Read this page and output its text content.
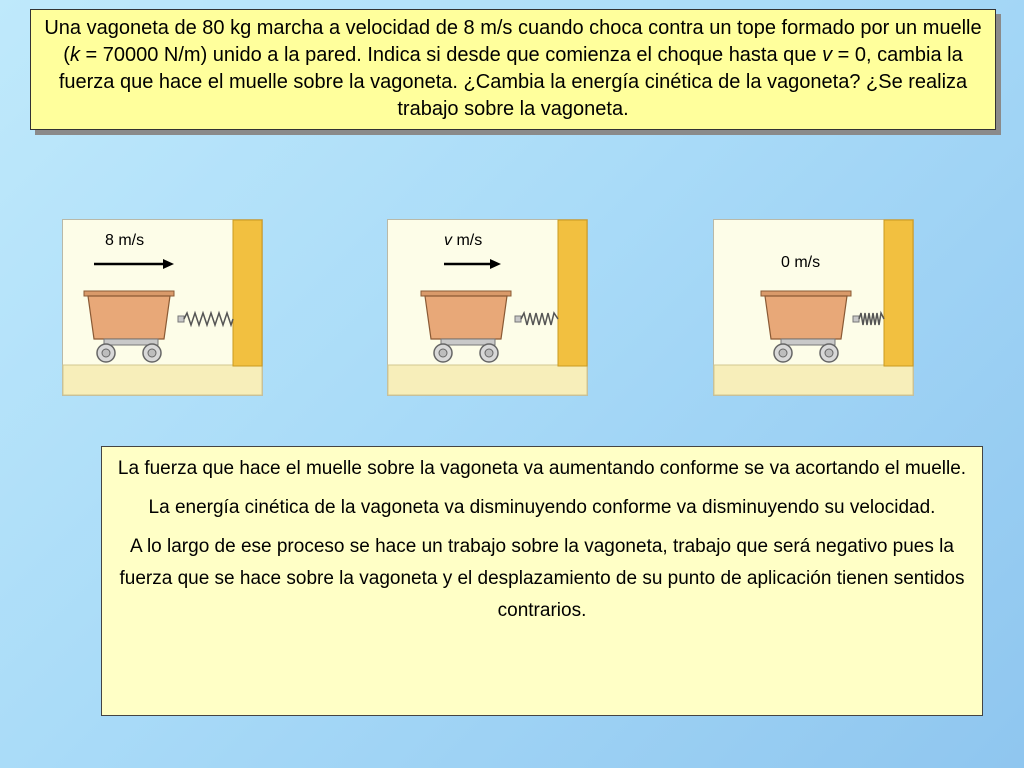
Una vagoneta de 80 kg marcha a velocidad de 8 m/s cuando choca contra un tope formado por un muelle (k = 70000 N/m) unido a la pared. Indica si desde que comienza el choque hasta que v = 0, cambia la fuerza que hace el muelle sobre la vagoneta. ¿Cambia la energía cinética de la vagoneta? ¿Se realiza trabajo sobre la vagoneta.

8 m/s	v m/s
0 m/s

La fuerza que hace el muelle sobre la vagoneta va aumentando conforme se va acortando el muelle.

La energía cinética de la vagoneta va disminuyendo conforme va disminuyendo su velocidad.

A lo largo de ese proceso se hace un trabajo sobre la vagoneta, trabajo que será negativo pues la fuerza que se hace sobre la vagoneta y el desplazamiento de su punto de aplicación tienen sentidos contrarios.
